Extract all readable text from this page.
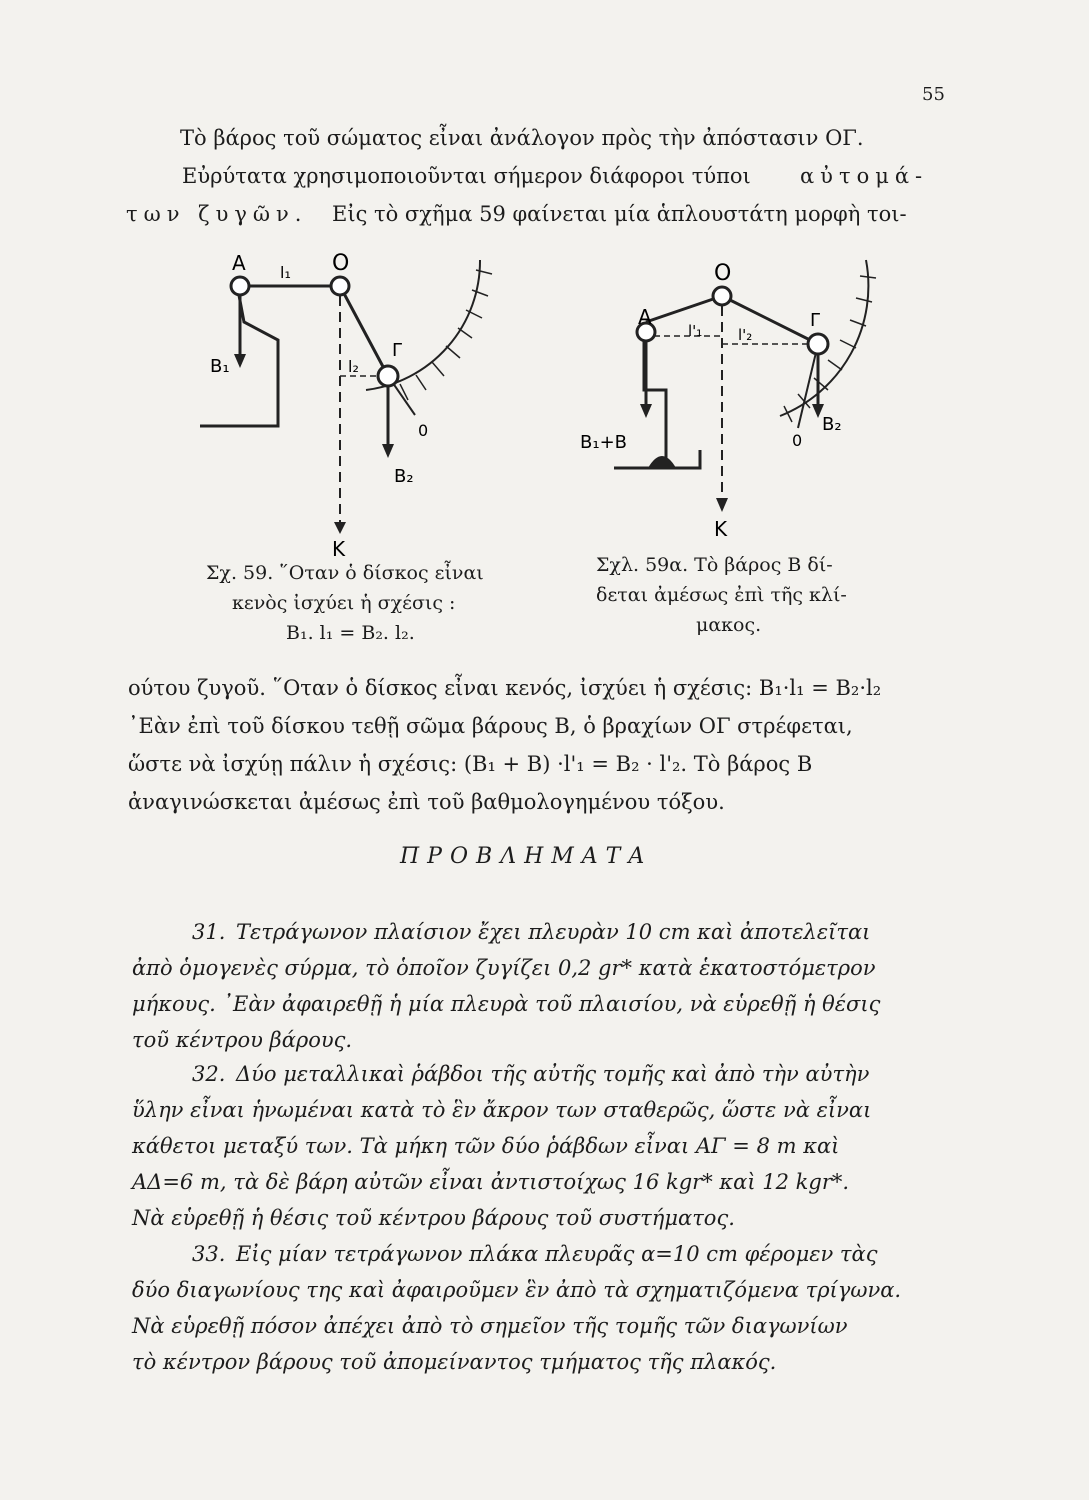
55
Τὸ βάρος τοῦ σώματος εἶναι ἀνάλογον πρὸς τὴν ἀπόστασιν ΟΓ.
Εὐρύτατα χρησιμοποιοῦνται σήμερον διάφοροι τύποι αὐτομά-
των ζυγῶν. Εἰς τὸ σχῆμα 59 φαίνεται μία ἁπλουστάτη μορφὴ τοι-
A l₁ O
B₁	l₂
Γ
0
B₂
K
O
A
l'₁ l'₂
Γ
B₁+B	0
B₂
K
Σχ. 59. ῞Οταν ὁ δίσκος εἶναι
κενὸς ἰσχύει ἡ σχέσις :
B₁. l₁ = B₂. l₂.
Σχλ. 59α. Τὸ βάρος B δί-
δεται ἀμέσως ἐπὶ τῆς κλί-
μακος.
ούτου ζυγοῦ. ῞Οταν ὁ δίσκος εἶναι κενός, ἰσχύει ἡ σχέσις: B₁·l₁ = B₂·l₂
᾿Εὰν ἐπὶ τοῦ δίσκου τεθῇ σῶμα βάρους B, ὁ βραχίων ΟΓ στρέφεται,
ὥστε νὰ ἰσχύῃ πάλιν ἡ σχέσις: (B₁ + B) ·l'₁ = B₂ · l'₂. Τὸ βάρος B
ἀναγινώσκεται ἀμέσως ἐπὶ τοῦ βαθμολογημένου τόξου.
ΠΡΟΒΛΗΜΑΤΑ
31. Τετράγωνον πλαίσιον ἔχει πλευρὰν 10 cm καὶ ἀποτελεῖται
ἀπὸ ὁμογενὲς σύρμα, τὸ ὁποῖον ζυγίζει 0,2 gr* κατὰ ἑκατοστόμετρον
μήκους. ᾿Εὰν ἀφαιρεθῇ ἡ μία πλευρὰ τοῦ πλαισίου, νὰ εὑρεθῇ ἡ θέσις
τοῦ κέντρου βάρους.
32. Δύο μεταλλικαὶ ῥάβδοι τῆς αὐτῆς τομῆς καὶ ἀπὸ τὴν αὐτὴν
ὕλην εἶναι ἡνωμέναι κατὰ τὸ ἓν ἄκρον των σταθερῶς, ὥστε νὰ εἶναι
κάθετοι μεταξύ των. Τὰ μήκη τῶν δύο ῥάβδων εἶναι ΑΓ = 8 m καὶ
ΑΔ=6 m, τὰ δὲ βάρη αὐτῶν εἶναι ἀντιστοίχως 16 kgr* καὶ 12 kgr*.
Νὰ εὑρεθῇ ἡ θέσις τοῦ κέντρου βάρους τοῦ συστήματος.
33. Εἰς μίαν τετράγωνον πλάκα πλευρᾶς α=10 cm φέρομεν τὰς
δύο διαγωνίους της καὶ ἀφαιροῦμεν ἓν ἀπὸ τὰ σχηματιζόμενα τρίγωνα.
Νὰ εὑρεθῇ πόσον ἀπέχει ἀπὸ τὸ σημεῖον τῆς τομῆς τῶν διαγωνίων
τὸ κέντρον βάρους τοῦ ἀπομείναντος τμήματος τῆς πλακός.
